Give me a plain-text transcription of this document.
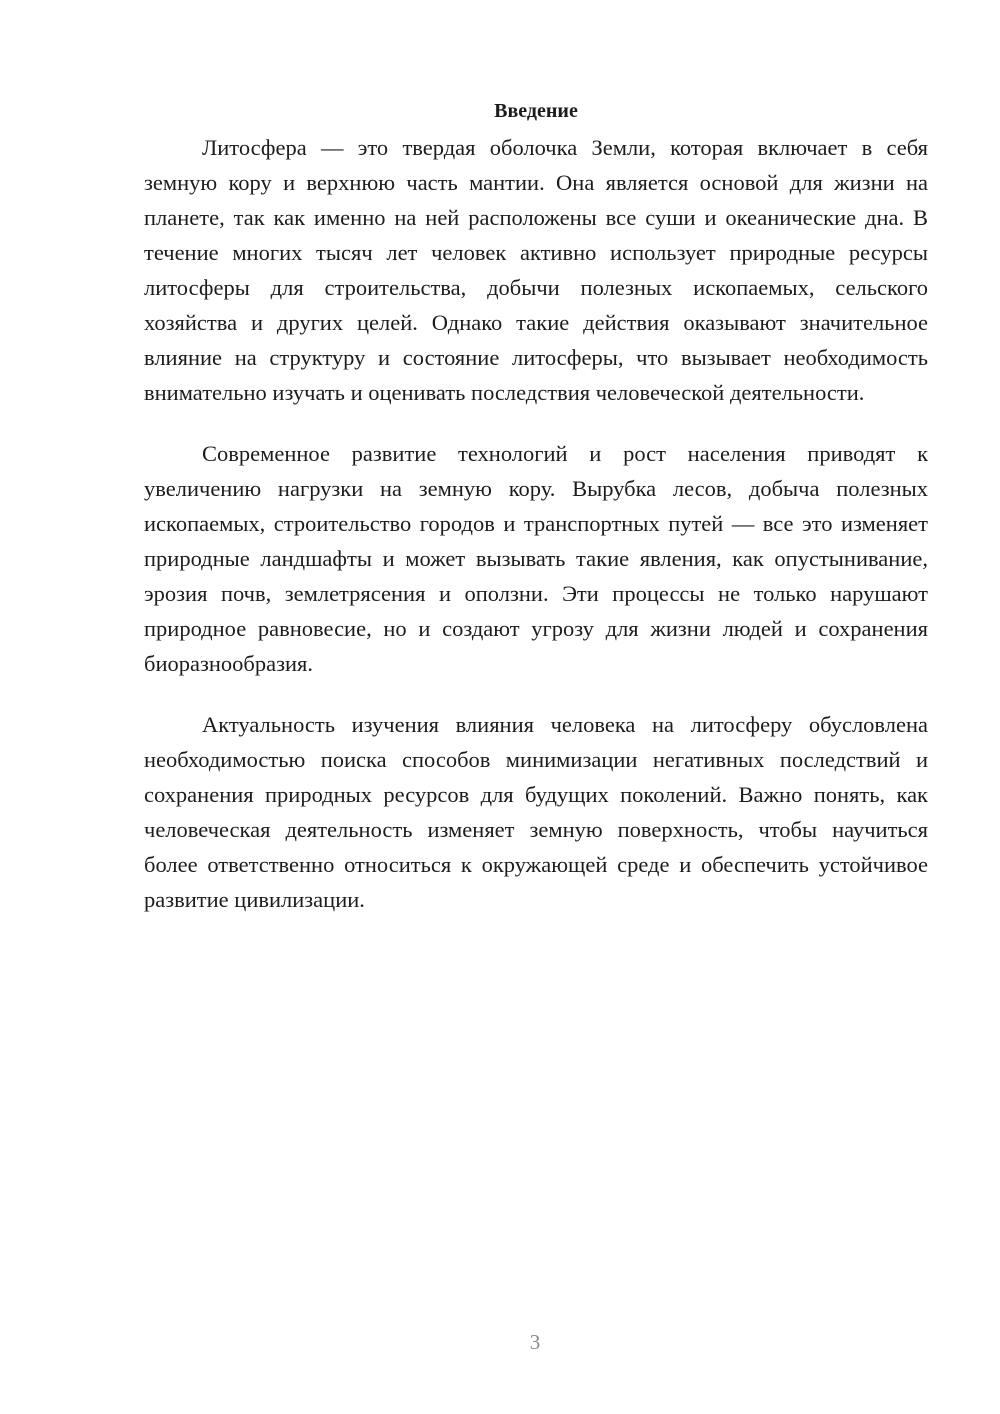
Введение

Литосфера — это твердая оболочка Земли, которая включает в себя земную кору и верхнюю часть мантии. Она является основой для жизни на планете, так как именно на ней расположены все суши и океанические дна. В течение многих тысяч лет человек активно использует природные ресурсы литосферы для строительства, добычи полезных ископаемых, сельского хозяйства и других целей. Однако такие действия оказывают значительное влияние на структуру и состояние литосферы, что вызывает необходимость внимательно изучать и оценивать последствия человеческой деятельности.

Современное развитие технологий и рост населения приводят к увеличению нагрузки на земную кору. Вырубка лесов, добыча полезных ископаемых, строительство городов и транспортных путей — все это изменяет природные ландшафты и может вызывать такие явления, как опустынивание, эрозия почв, землетрясения и оползни. Эти процессы не только нарушают природное равновесие, но и создают угрозу для жизни людей и сохранения биоразнообразия.

Актуальность изучения влияния человека на литосферу обусловлена необходимостью поиска способов минимизации негативных последствий и сохранения природных ресурсов для будущих поколений. Важно понять, как человеческая деятельность изменяет земную поверхность, чтобы научиться более ответственно относиться к окружающей среде и обеспечить устойчивое развитие цивилизации.

3
